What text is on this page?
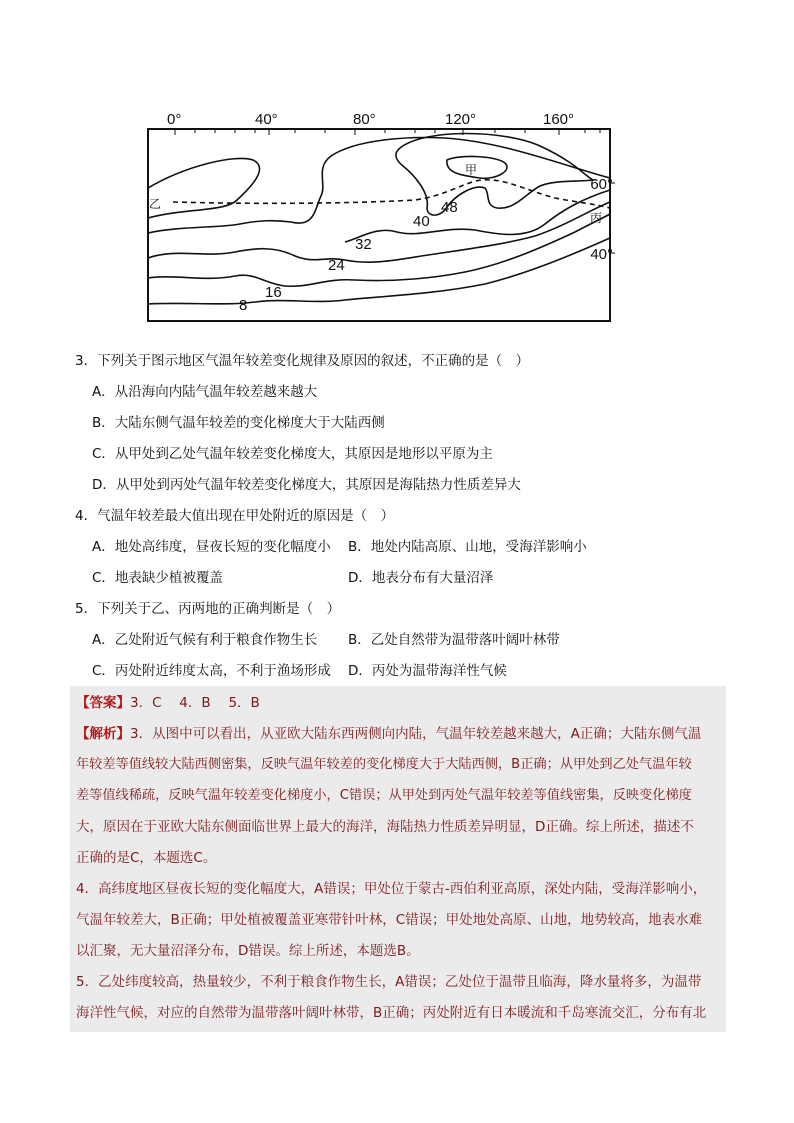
0°	40°	80°	120°	160°
60°
40°
甲
乙
丙
48
40
32
24
16
8
3．下列关于图示地区气温年较差变化规律及原因的叙述，不正确的是（　）
A．从沿海向内陆气温年较差越来越大
B．大陆东侧气温年较差的变化梯度大于大陆西侧
C．从甲处到乙处气温年较差变化梯度大，其原因是地形以平原为主
D．从甲处到丙处气温年较差变化梯度大，其原因是海陆热力性质差异大
4．气温年较差最大值出现在甲处附近的原因是（　）
A．地处高纬度，昼夜长短的变化幅度小 B．地处内陆高原、山地，受海洋影响小
C．地表缺少植被覆盖	D．地表分布有大量沼泽
5．下列关于乙、丙两地的正确判断是（　）
A．乙处附近气候有利于粮食作物生长 B．乙处自然带为温带落叶阔叶林带
C．丙处附近纬度太高，不利于渔场形成 D．丙处为温带海洋性气候
【答案】3．C　 4．B　 5．B
【解析】3．从图中可以看出，从亚欧大陆东西两侧向内陆，气温年较差越来越大，A正确；大陆东侧气温
年较差等值线较大陆西侧密集，反映气温年较差的变化梯度大于大陆西侧，B正确；从甲处到乙处气温年较
差等值线稀疏，反映气温年较差变化梯度小，C错误；从甲处到丙处气温年较差等值线密集，反映变化梯度
大，原因在于亚欧大陆东侧面临世界上最大的海洋，海陆热力性质差异明显，D正确。综上所述，描述不
正确的是C，本题选C。
4．高纬度地区昼夜长短的变化幅度大，A错误；甲处位于蒙古-西伯利亚高原，深处内陆，受海洋影响小，
气温年较差大，B正确；甲处植被覆盖亚寒带针叶林，C错误；甲处地处高原、山地，地势较高，地表水难
以汇聚，无大量沼泽分布，D错误。综上所述，本题选B。
5．乙处纬度较高，热量较少，不利于粮食作物生长，A错误；乙处位于温带且临海，降水量将多，为温带
海洋性气候，对应的自然带为温带落叶阔叶林带，B正确；丙处附近有日本暖流和千岛寒流交汇，分布有北
